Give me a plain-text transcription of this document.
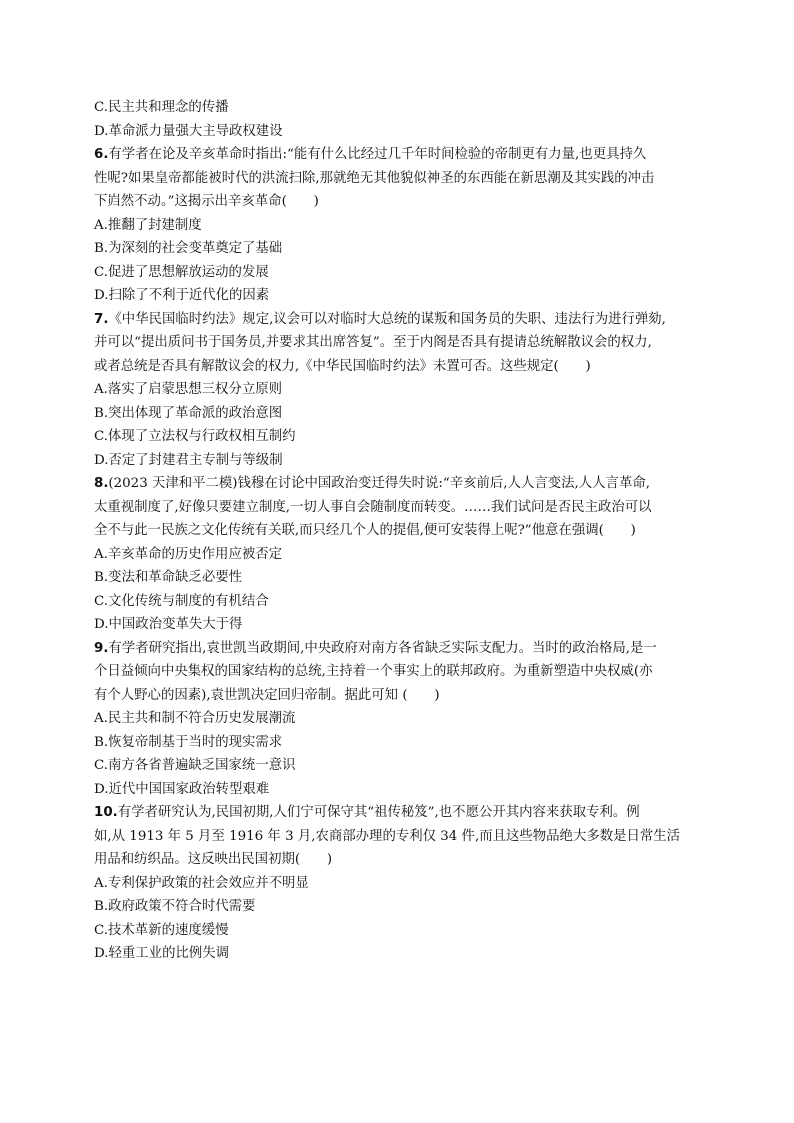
C.民主共和理念的传播
D.革命派力量强大主导政权建设
6.有学者在论及辛亥革命时指出:“能有什么比经过几千年时间检验的帝制更有力量,也更具持久
性呢?如果皇帝都能被时代的洪流扫除,那就绝无其他貌似神圣的东西能在新思潮及其实践的冲击
下岿然不动。”这揭示出辛亥革命(　　)
A.推翻了封建制度
B.为深刻的社会变革奠定了基础
C.促进了思想解放运动的发展
D.扫除了不利于近代化的因素
7.《中华民国临时约法》规定,议会可以对临时大总统的谋叛和国务员的失职、违法行为进行弹劾,
并可以“提出质问书于国务员,并要求其出席答复”。至于内阁是否具有提请总统解散议会的权力,
或者总统是否具有解散议会的权力,《中华民国临时约法》未置可否。这些规定(　　)
A.落实了启蒙思想三权分立原则
B.突出体现了革命派的政治意图
C.体现了立法权与行政权相互制约
D.否定了封建君主专制与等级制
8.(2023 天津和平二模)钱穆在讨论中国政治变迁得失时说:“辛亥前后,人人言变法,人人言革命,
太重视制度了,好像只要建立制度,一切人事自会随制度而转变。……我们试问是否民主政治可以
全不与此一民族之文化传统有关联,而只经几个人的提倡,便可安装得上呢?”他意在强调(　　)
A.辛亥革命的历史作用应被否定
B.变法和革命缺乏必要性
C.文化传统与制度的有机结合
D.中国政治变革失大于得
9.有学者研究指出,袁世凯当政期间,中央政府对南方各省缺乏实际支配力。当时的政治格局,是一
个日益倾向中央集权的国家结构的总统,主持着一个事实上的联邦政府。为重新塑造中央权威(亦
有个人野心的因素),袁世凯决定回归帝制。据此可知 (　　)
A.民主共和制不符合历史发展潮流
B.恢复帝制基于当时的现实需求
C.南方各省普遍缺乏国家统一意识
D.近代中国国家政治转型艰难
10.有学者研究认为,民国初期,人们宁可保守其“祖传秘笈”,也不愿公开其内容来获取专利。例
如,从 1913 年 5 月至 1916 年 3 月,农商部办理的专利仅 34 件,而且这些物品绝大多数是日常生活
用品和纺织品。这反映出民国初期(　　)
A.专利保护政策的社会效应并不明显
B.政府政策不符合时代需要
C.技术革新的速度缓慢
D.轻重工业的比例失调
